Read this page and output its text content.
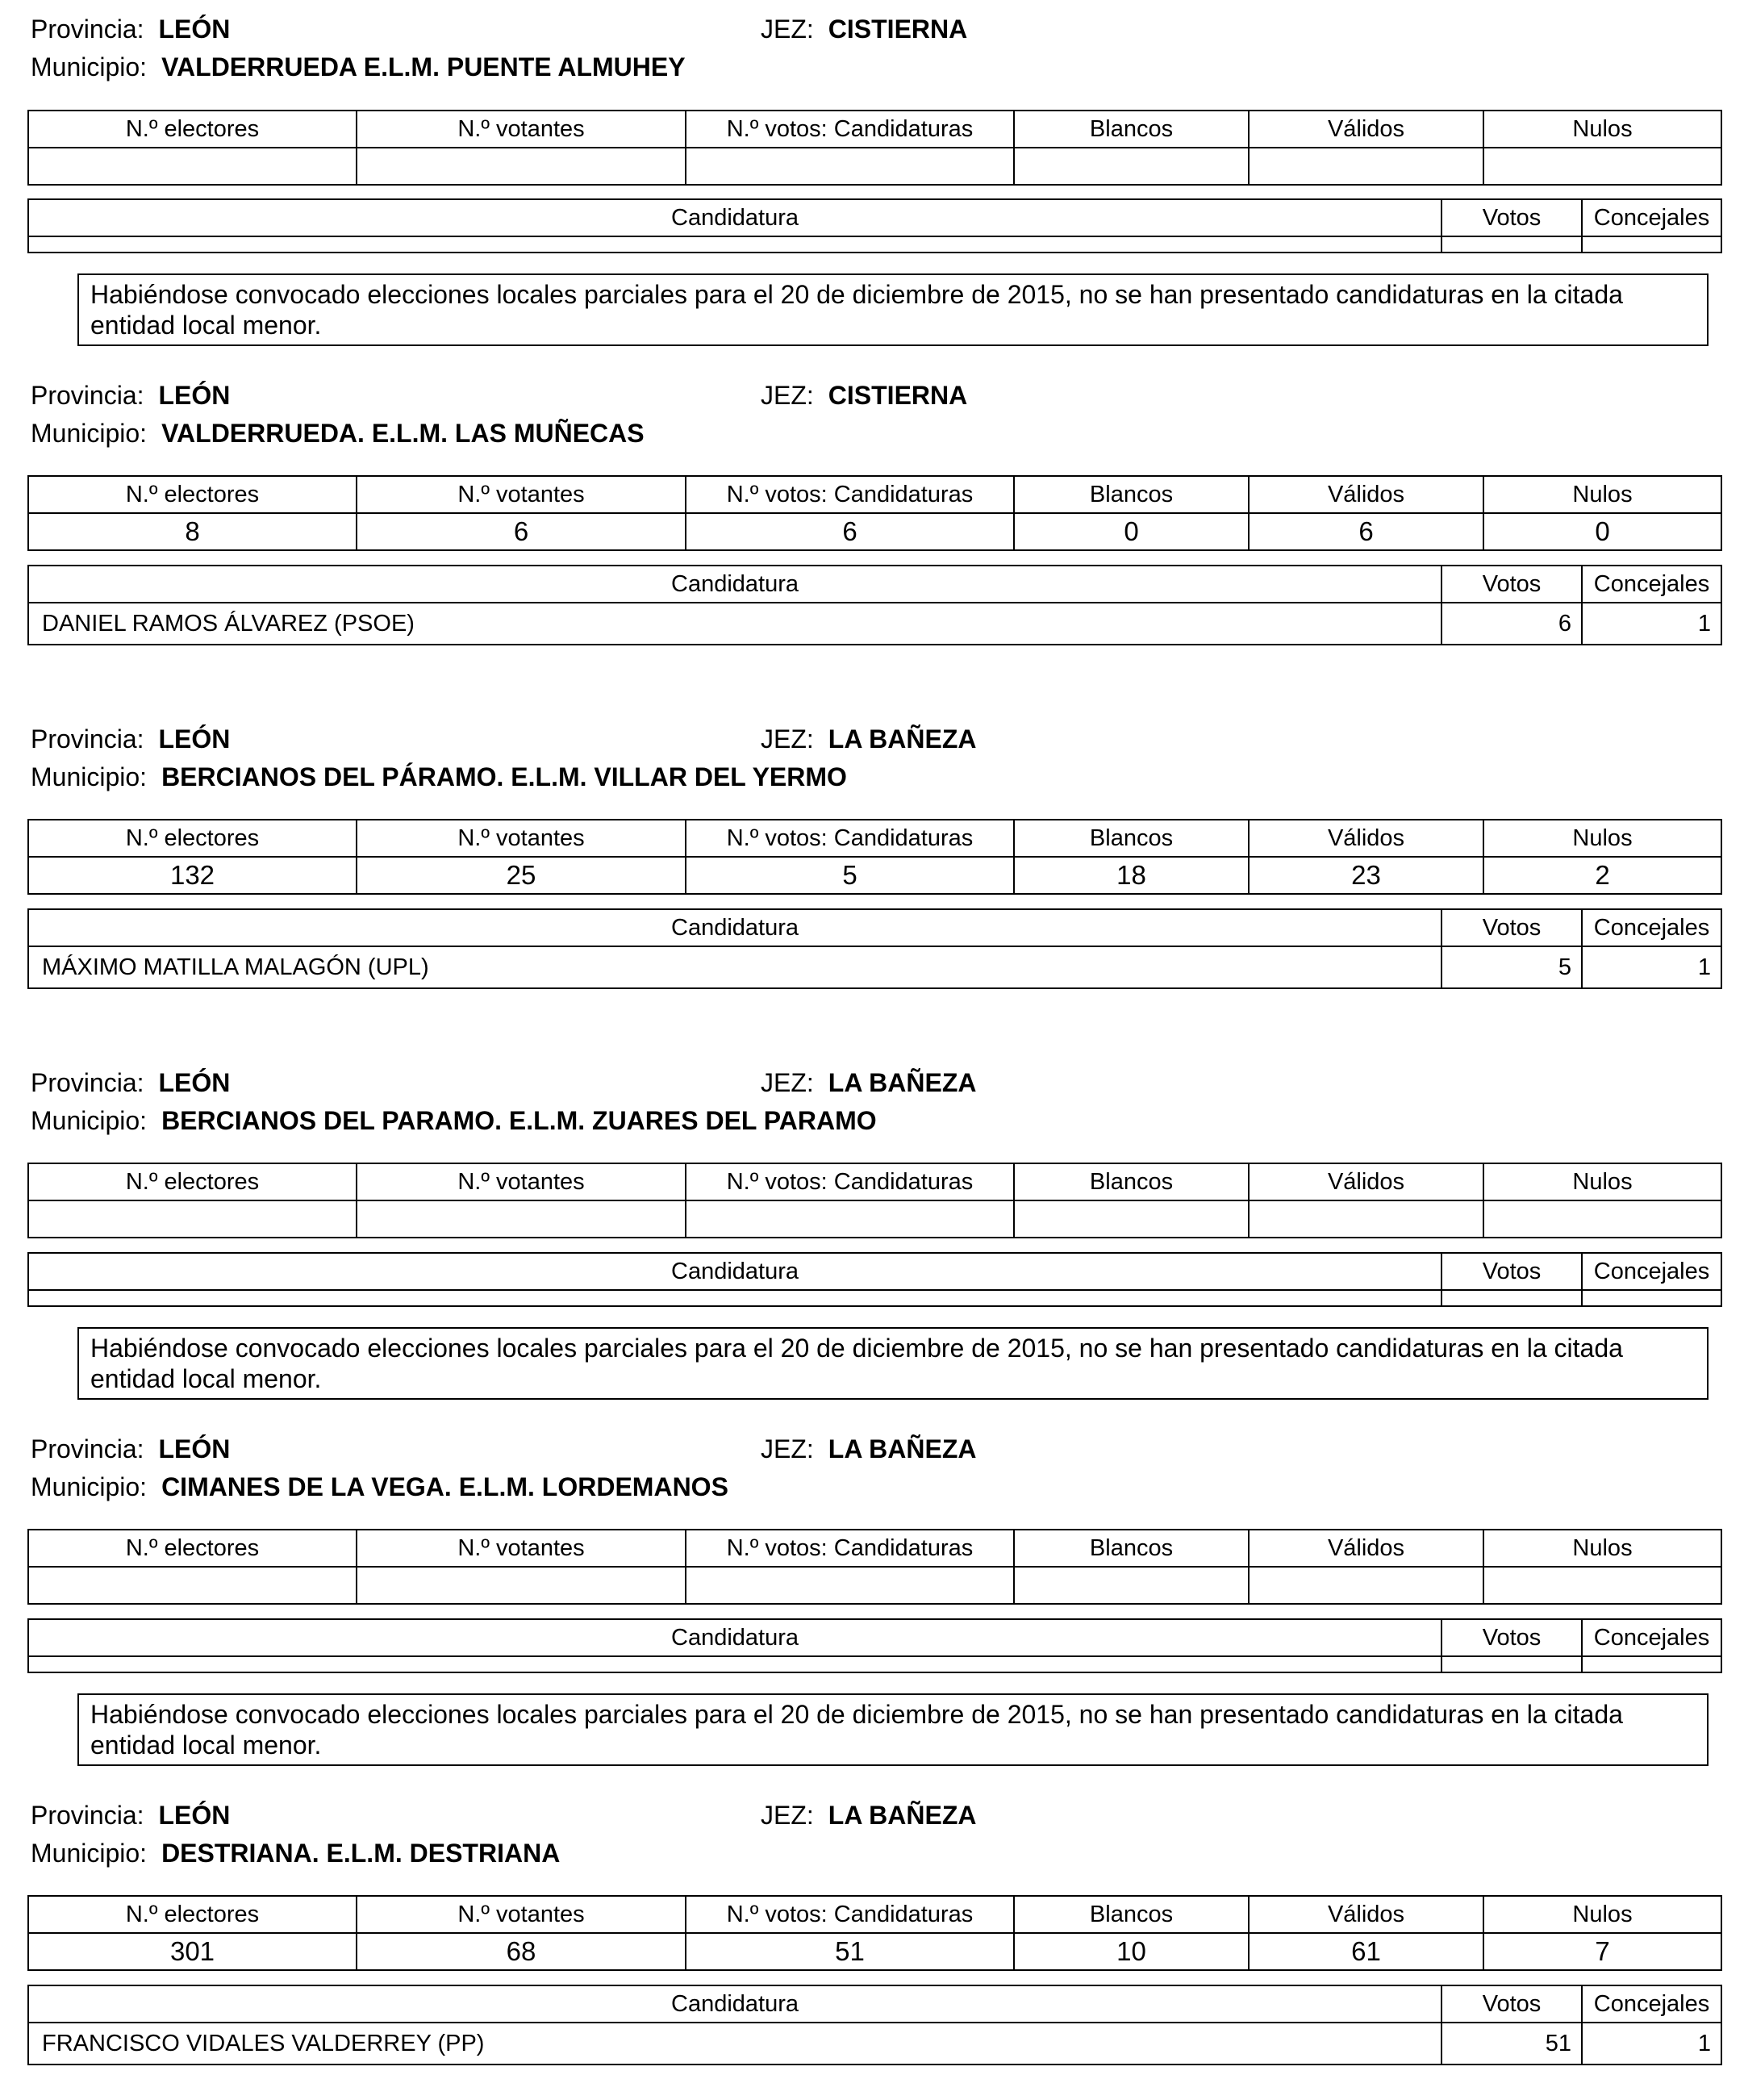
Provincia: LEÓN	JEZ: CISTIERNA
Municipio: VALDERRUEDA E.L.M. PUENTE ALMUHEY
N.º electores	N.º votantes	N.º votos: Candidaturas	Blancos	Válidos	Nulos

Candidatura	Votos	Concejales

Habiéndose convocado elecciones locales parciales para el 20 de diciembre de 2015, no se han presentado candidaturas en la citada entidad local menor.
Provincia: LEÓN	JEZ: CISTIERNA
Municipio: VALDERRUEDA. E.L.M. LAS MUÑECAS
N.º electores	N.º votantes	N.º votos: Candidaturas	Blancos	Válidos	Nulos
8	6	6	0	6	0
Candidatura	Votos	Concejales
DANIEL RAMOS ÁLVAREZ (PSOE)	6	1
Provincia: LEÓN	JEZ: LA BAÑEZA
Municipio: BERCIANOS DEL PÁRAMO. E.L.M. VILLAR DEL YERMO
N.º electores	N.º votantes	N.º votos: Candidaturas	Blancos	Válidos	Nulos
132	25	5	18	23	2
Candidatura	Votos	Concejales
MÁXIMO MATILLA MALAGÓN (UPL)	5	1
Provincia: LEÓN	JEZ: LA BAÑEZA
Municipio: BERCIANOS DEL PARAMO. E.L.M. ZUARES DEL PARAMO
N.º electores	N.º votantes	N.º votos: Candidaturas	Blancos	Válidos	Nulos

Candidatura	Votos	Concejales

Habiéndose convocado elecciones locales parciales para el 20 de diciembre de 2015, no se han presentado candidaturas en la citada entidad local menor.
Provincia: LEÓN	JEZ: LA BAÑEZA
Municipio: CIMANES DE LA VEGA. E.L.M. LORDEMANOS
N.º electores	N.º votantes	N.º votos: Candidaturas	Blancos	Válidos	Nulos

Candidatura	Votos	Concejales

Habiéndose convocado elecciones locales parciales para el 20 de diciembre de 2015, no se han presentado candidaturas en la citada entidad local menor.
Provincia: LEÓN	JEZ: LA BAÑEZA
Municipio: DESTRIANA. E.L.M. DESTRIANA
N.º electores	N.º votantes	N.º votos: Candidaturas	Blancos	Válidos	Nulos
301	68	51	10	61	7
Candidatura	Votos	Concejales
FRANCISCO VIDALES VALDERREY (PP)	51	1
